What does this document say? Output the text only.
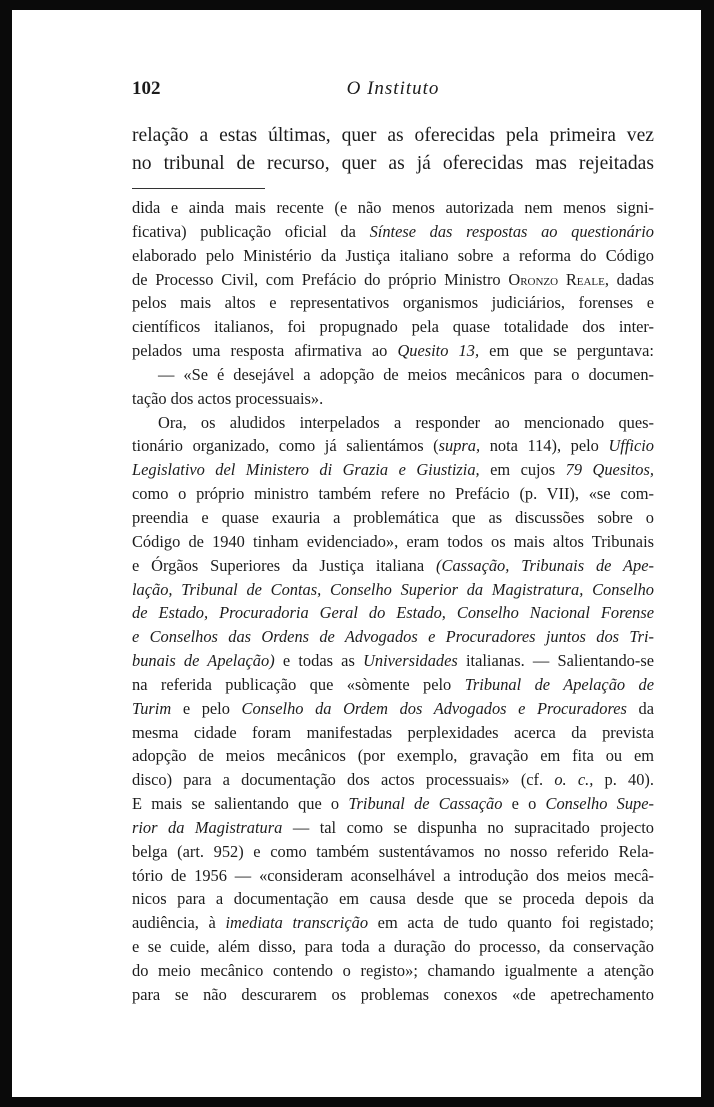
102	O Instituto
relação a estas últimas, quer as oferecidas pela primeira vez
no tribunal de recurso, quer as já oferecidas mas rejeitadas
dida e ainda mais recente (e não menos autorizada nem menos signi-
ficativa) publicação oficial da Síntese das respostas ao questionário
elaborado pelo Ministério da Justiça italiano sobre a reforma do Código
de Processo Civil, com Prefácio do próprio Ministro Oronzo Reale, dadas
pelos mais altos e representativos organismos judiciários, forenses e
científicos italianos, foi propugnado pela quase totalidade dos inter-
pelados uma resposta afirmativa ao Quesito 13, em que se perguntava:
— «Se é desejável a adopção de meios mecânicos para o documen-
tação dos actos processuais».
Ora, os aludidos interpelados a responder ao mencionado ques-
tionário organizado, como já salientámos (supra, nota 114), pelo Ufficio
Legislativo del Ministero di Grazia e Giustizia, em cujos 79 Quesitos,
como o próprio ministro também refere no Prefácio (p. VII), «se com-
preendia e quase exauria a problemática que as discussões sobre o
Código de 1940 tinham evidenciado», eram todos os mais altos Tribunais
e Órgãos Superiores da Justiça italiana (Cassação, Tribunais de Ape-
lação, Tribunal de Contas, Conselho Superior da Magistratura, Conselho
de Estado, Procuradoria Geral do Estado, Conselho Nacional Forense
e Conselhos das Ordens de Advogados e Procuradores juntos dos Tri-
bunais de Apelação) e todas as Universidades italianas. — Salientando-se
na referida publicação que «sòmente pelo Tribunal de Apelação de
Turim e pelo Conselho da Ordem dos Advogados e Procuradores da
mesma cidade foram manifestadas perplexidades acerca da prevista
adopção de meios mecânicos (por exemplo, gravação em fita ou em
disco) para a documentação dos actos processuais» (cf. o. c., p. 40).
E mais se salientando que o Tribunal de Cassação e o Conselho Supe-
rior da Magistratura — tal como se dispunha no supracitado projecto
belga (art. 952) e como também sustentávamos no nosso referido Rela-
tório de 1956 — «consideram aconselhável a introdução dos meios mecâ-
nicos para a documentação em causa desde que se proceda depois da
audiência, à imediata transcrição em acta de tudo quanto foi registado;
e se cuide, além disso, para toda a duração do processo, da conservação
do meio mecânico contendo o registo»; chamando igualmente a atenção
para se não descurarem os problemas conexos «de apetrechamento
